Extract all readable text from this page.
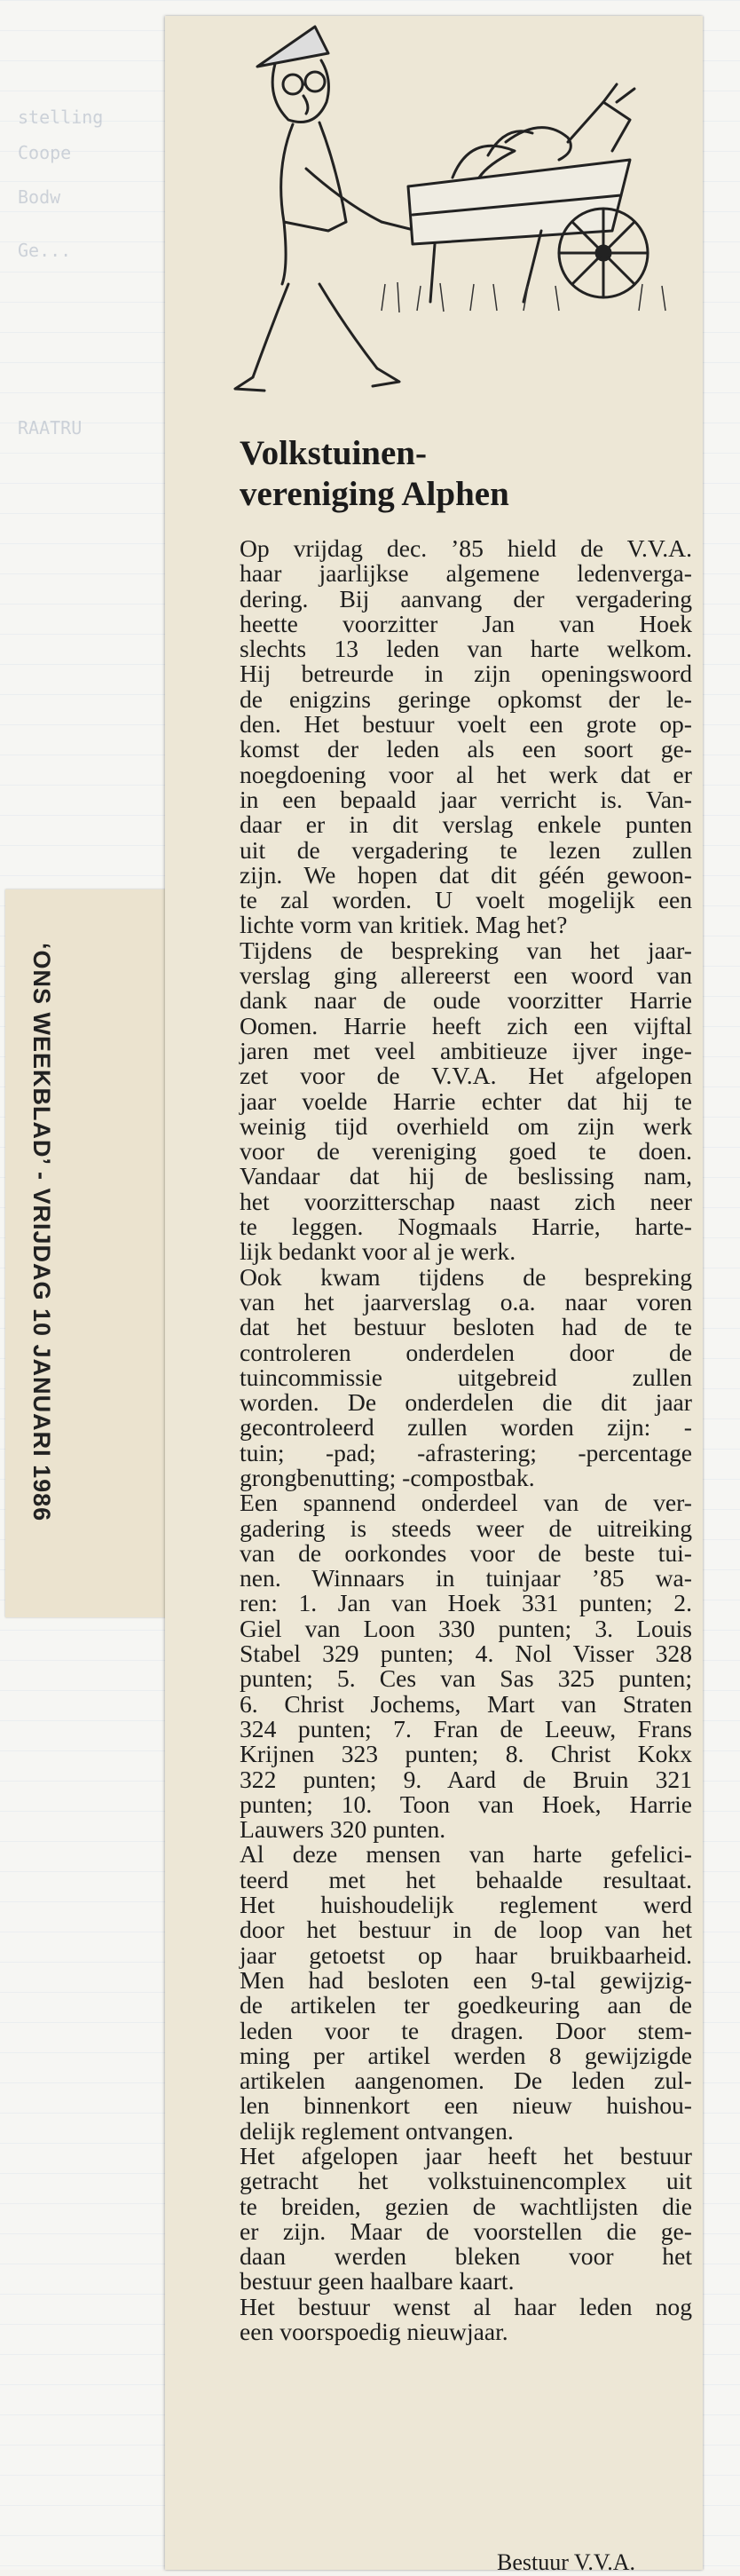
Coope
Bodw
Ge...
RAATRU
stelling
‘ONS WEEKBLAD’ - VRIJDAG 10 JANUARI 1986
Volkstuinen-
vereniging Alphen
Op vrijdag dec. ’85 hield de V.V.A.
haar jaarlijkse algemene ledenverga-
dering. Bij aanvang der vergadering
heette voorzitter Jan van Hoek
slechts 13 leden van harte welkom.
Hij betreurde in zijn openingswoord
de enigzins geringe opkomst der le-
den. Het bestuur voelt een grote op-
komst der leden als een soort ge-
noegdoening voor al het werk dat er
in een bepaald jaar verricht is. Van-
daar er in dit verslag enkele punten
uit de vergadering te lezen zullen
zijn. We hopen dat dit géén gewoon-
te zal worden. U voelt mogelijk een
lichte vorm van kritiek. Mag het?
Tijdens de bespreking van het jaar-
verslag ging allereerst een woord van
dank naar de oude voorzitter Harrie
Oomen. Harrie heeft zich een vijftal
jaren met veel ambitieuze ijver inge-
zet voor de V.V.A. Het afgelopen
jaar voelde Harrie echter dat hij te
weinig tijd overhield om zijn werk
voor de vereniging goed te doen.
Vandaar dat hij de beslissing nam,
het voorzitterschap naast zich neer
te leggen. Nogmaals Harrie, harte-
lijk bedankt voor al je werk.
Ook kwam tijdens de bespreking
van het jaarverslag o.a. naar voren
dat het bestuur besloten had de te
controleren onderdelen door de
tuincommissie uitgebreid zullen
worden. De onderdelen die dit jaar
gecontroleerd zullen worden zijn: -
tuin; -pad; -afrastering; -percentage
grongbenutting; -compostbak.
Een spannend onderdeel van de ver-
gadering is steeds weer de uitreiking
van de oorkondes voor de beste tui-
nen. Winnaars in tuinjaar ’85 wa-
ren: 1. Jan van Hoek 331 punten; 2.
Giel van Loon 330 punten; 3. Louis
Stabel 329 punten; 4. Nol Visser 328
punten; 5. Ces van Sas 325 punten;
6. Christ Jochems, Mart van Straten
324 punten; 7. Fran de Leeuw, Frans
Krijnen 323 punten; 8. Christ Kokx
322 punten; 9. Aard de Bruin 321
punten; 10. Toon van Hoek, Harrie
Lauwers 320 punten.
Al deze mensen van harte gefelici-
teerd met het behaalde resultaat.
Het huishoudelijk reglement werd
door het bestuur in de loop van het
jaar getoetst op haar bruikbaarheid.
Men had besloten een 9-tal gewijzig-
de artikelen ter goedkeuring aan de
leden voor te dragen. Door stem-
ming per artikel werden 8 gewijzigde
artikelen aangenomen. De leden zul-
len binnenkort een nieuw huishou-
delijk reglement ontvangen.
Het afgelopen jaar heeft het bestuur
getracht het volkstuinencomplex uit
te breiden, gezien de wachtlijsten die
er zijn. Maar de voorstellen die ge-
daan werden bleken voor het
bestuur geen haalbare kaart.
Het bestuur wenst al haar leden nog
een voorspoedig nieuwjaar.
Bestuur V.V.A.
